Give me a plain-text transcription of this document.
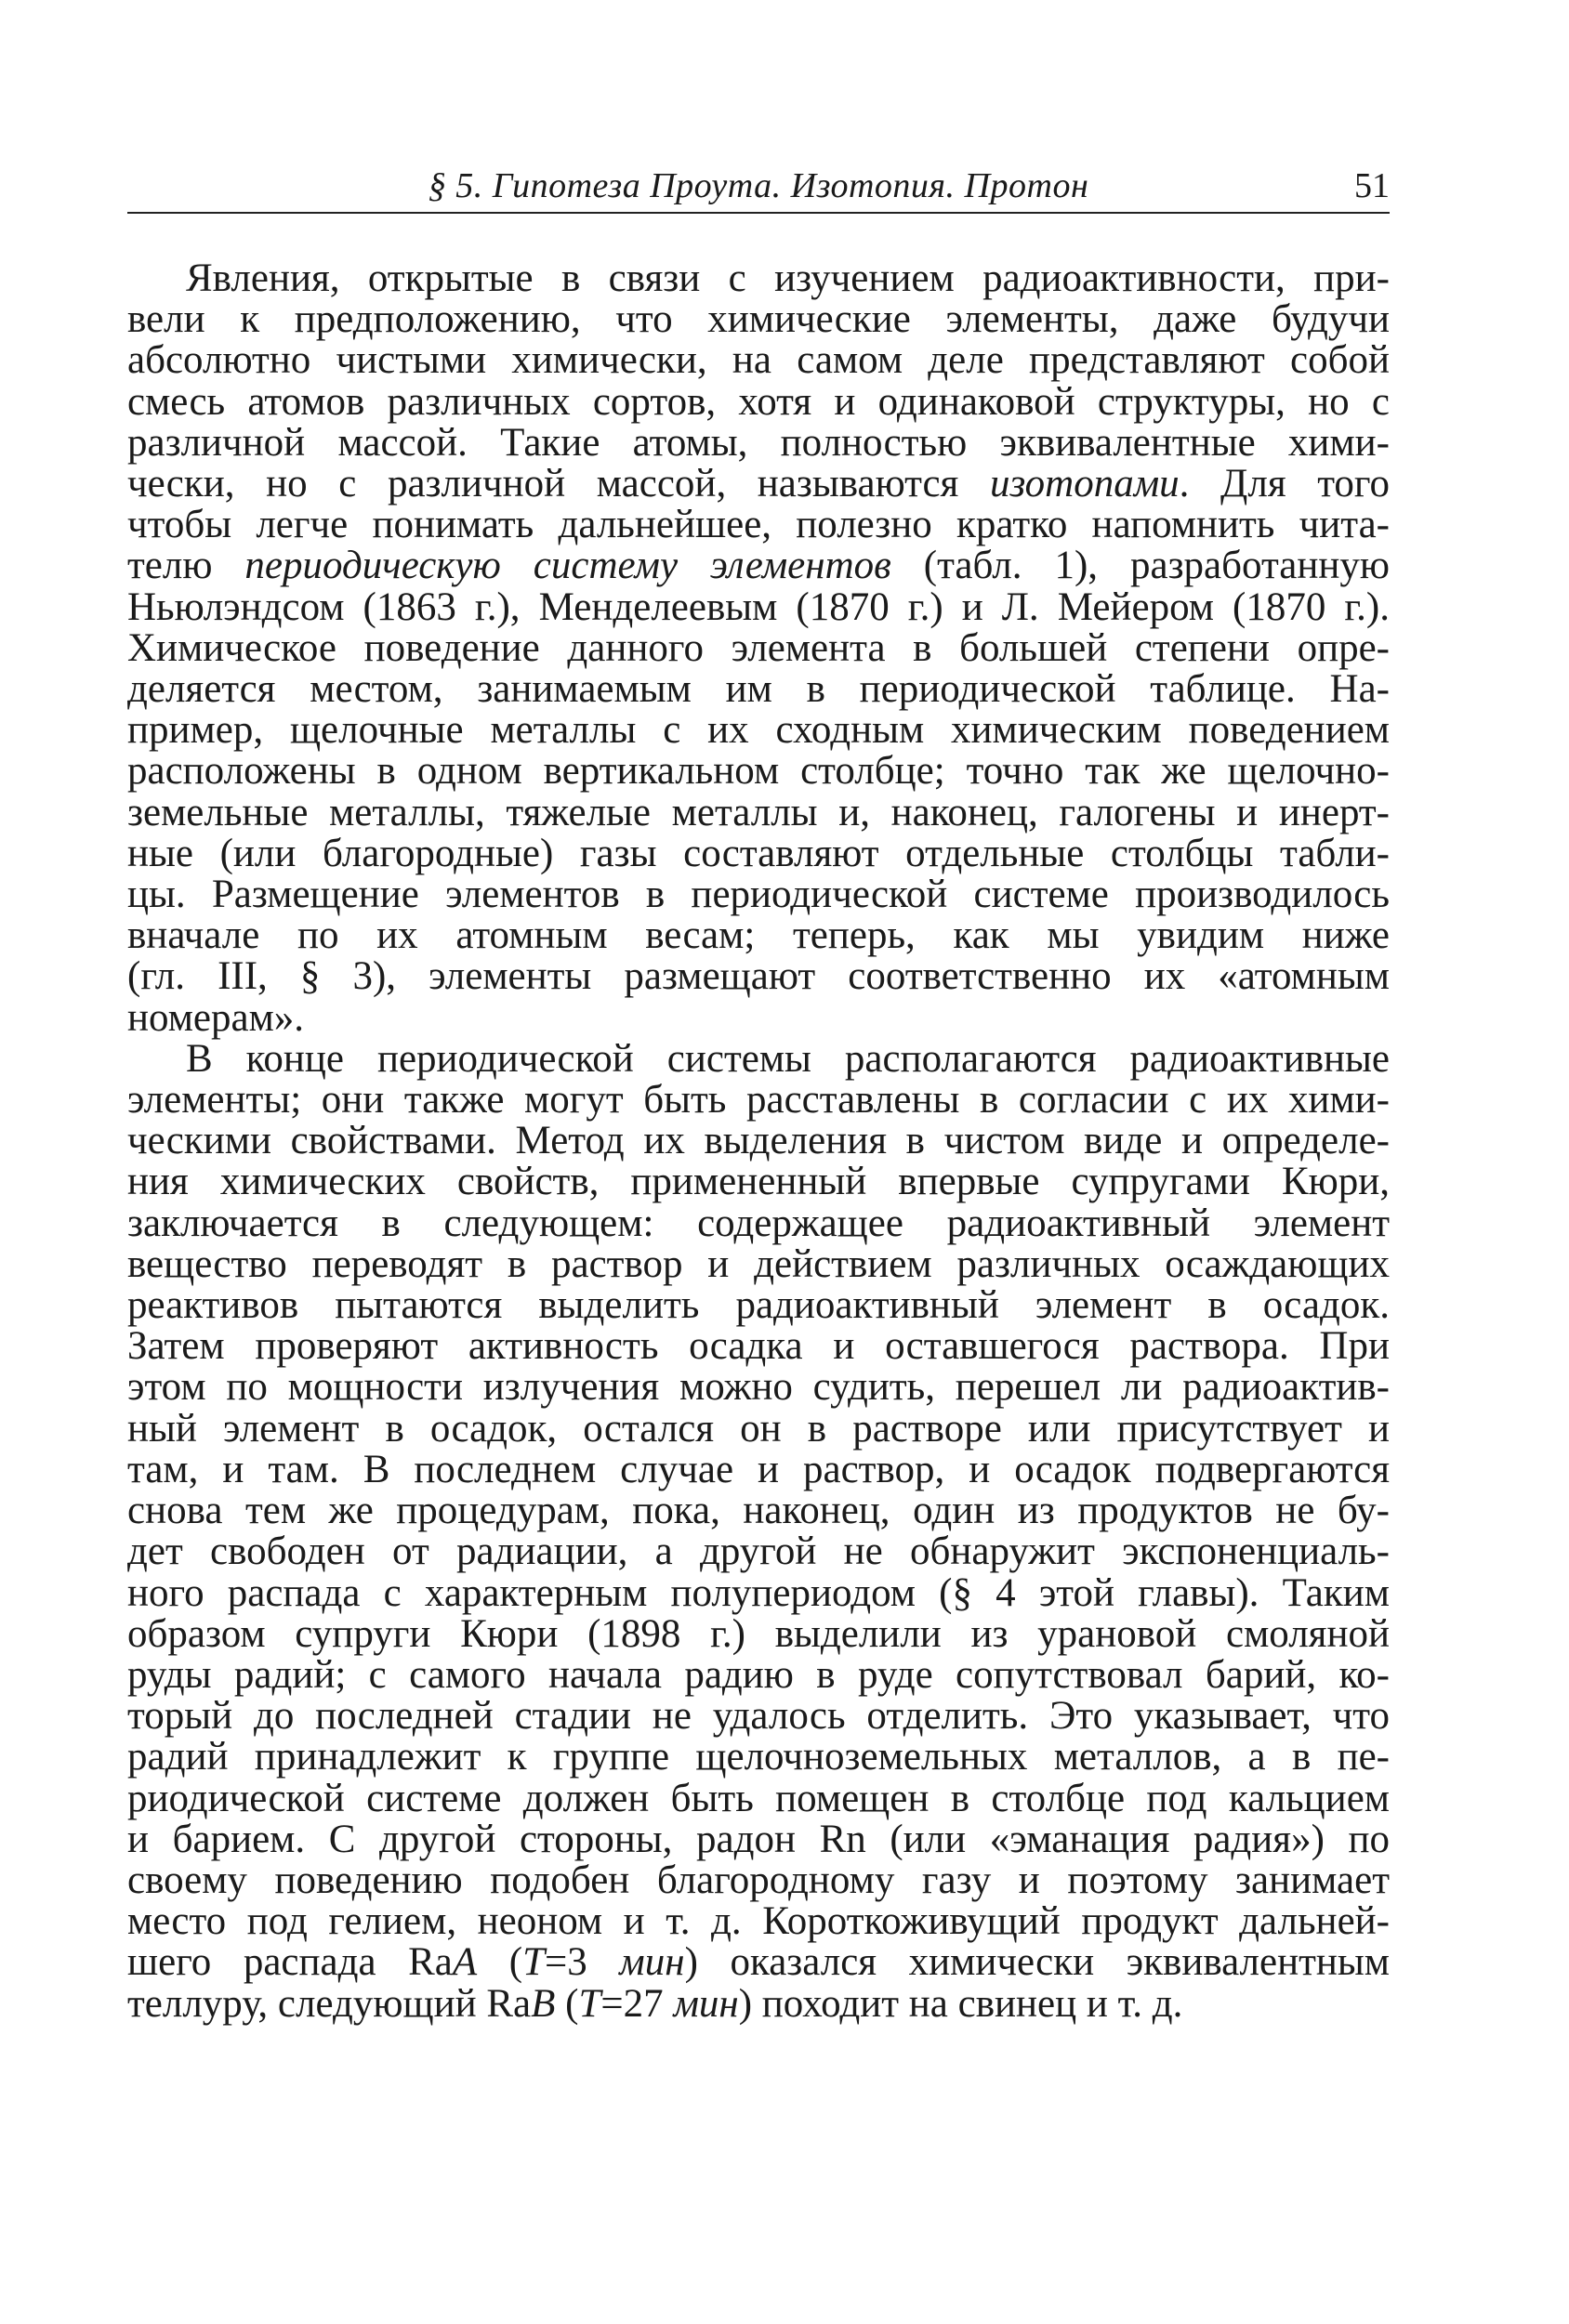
§ 5. Гипотеза Проута. Изотопия. Протон	51
Явления, открытые в связи с изучением радиоактивности, при-
вели к предположению, что химические элементы, даже будучи
абсолютно чистыми химически, на самом деле представляют собой
смесь атомов различных сортов, хотя и одинаковой структуры, но с
различной массой. Такие атомы, полностью эквивалентные хими-
чески, но с различной массой, называются изотопами. Для того
чтобы легче понимать дальнейшее, полезно кратко напомнить чита-
телю периодическую систему элементов (табл. 1), разработанную
Ньюлэндсом (1863 г.), Менделеевым (1870 г.) и Л. Мейером (1870 г.).
Химическое поведение данного элемента в большей степени опре-
деляется местом, занимаемым им в периодической таблице. На-
пример, щелочные металлы с их сходным химическим поведением
расположены в одном вертикальном столбце; точно так же щелочно-
земельные металлы, тяжелые металлы и, наконец, галогены и инерт-
ные (или благородные) газы составляют отдельные столбцы табли-
цы. Размещение элементов в периодической системе производилось
вначале по их атомным весам; теперь, как мы увидим ниже
(гл. III, § 3), элементы размещают соответственно их «атомным
номерам».
В конце периодической системы располагаются радиоактивные
элементы; они также могут быть расставлены в согласии с их хими-
ческими свойствами. Метод их выделения в чистом виде и определе-
ния химических свойств, примененный впервые супругами Кюри,
заключается в следующем: содержащее радиоактивный элемент
вещество переводят в раствор и действием различных осаждающих
реактивов пытаются выделить радиоактивный элемент в осадок.
Затем проверяют активность осадка и оставшегося раствора. При
этом по мощности излучения можно судить, перешел ли радиоактив-
ный элемент в осадок, остался он в растворе или присутствует и
там, и там. В последнем случае и раствор, и осадок подвергаются
снова тем же процедурам, пока, наконец, один из продуктов не бу-
дет свободен от радиации, а другой не обнаружит экспоненциаль-
ного распада с характерным полупериодом (§ 4 этой главы). Таким
образом супруги Кюри (1898 г.) выделили из урановой смоляной
руды радий; с самого начала радию в руде сопутствовал барий, ко-
торый до последней стадии не удалось отделить. Это указывает, что
радий принадлежит к группе щелочноземельных металлов, а в пе-
риодической системе должен быть помещен в столбце под кальцием
и барием. С другой стороны, радон Rn (или «эманация радия») по
своему поведению подобен благородному газу и поэтому занимает
место под гелием, неоном и т. д. Короткоживущий продукт дальней-
шего распада RaA (T=3 мин) оказался химически эквивалентным
теллуру, следующий RaB (T=27 мин) походит на свинец и т. д.
